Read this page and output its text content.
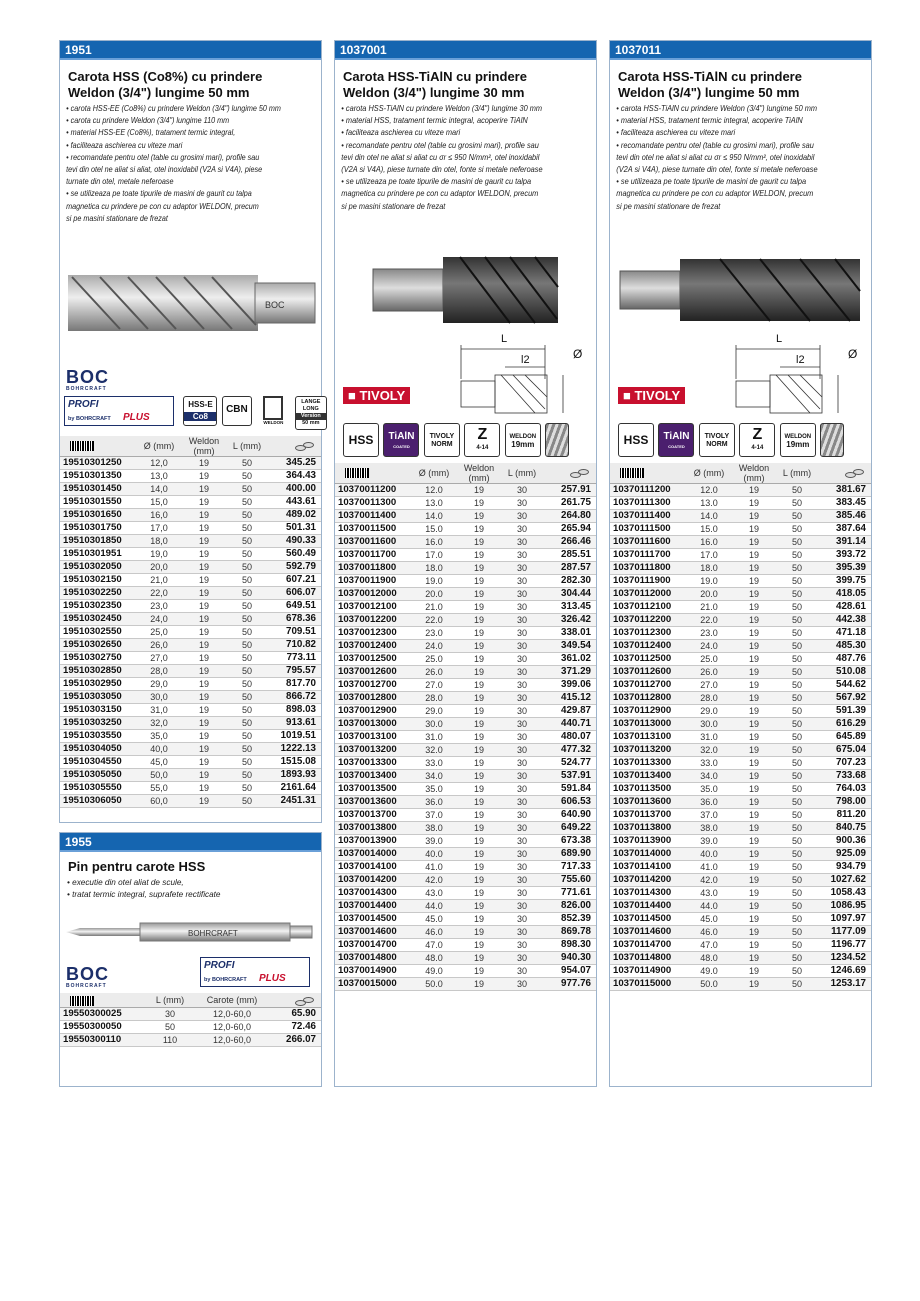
1951
Carota HSS (Co8%) cu prindere
Weldon (3/4") lungime 50 mm
• carota HSS-EE (Co8%) cu prindere Weldon (3/4") lungime 50 mm
• carota cu prindere Weldon (3/4") lungime 110 mm
• material HSS-EE (Co8%), tratament termic integral,
• faciliteaza aschierea cu viteze mari
• recomandate pentru otel (table cu grosimi mari), profile sau
tevi din otel ne aliat si aliat, otel inoxidabil (V2A si V4A), piese
turnate din otel, metale neferoase
• se utilizeaza pe toate tipurile de masini de gaurit cu talpa
magnetica cu prindere pe con cu adaptor WELDON, precum
si pe masini stationare de frezat
BOC
BOC
BOHRCRAFT
PROFI
by BOHRCRAFT PLUS

HSS-E
Co8
CBN
WELDON

LANGE
LONG
Version
50 mm
	Ø (mm)	Weldon (mm)	L (mm)	

19510301250	12,0	19	50	345.25
19510301350	13,0	19	50	364.43
19510301450	14,0	19	50	400.00
19510301550	15,0	19	50	443.61
19510301650	16,0	19	50	489.02
19510301750	17,0	19	50	501.31
19510301850	18,0	19	50	490.33
19510301951	19,0	19	50	560.49
19510302050	20,0	19	50	592.79
19510302150	21,0	19	50	607.21
19510302250	22,0	19	50	606.07
19510302350	23,0	19	50	649.51
19510302450	24,0	19	50	678.36
19510302550	25,0	19	50	709.51
19510302650	26,0	19	50	710.82
19510302750	27,0	19	50	773.11
19510302850	28,0	19	50	795.57
19510302950	29,0	19	50	817.70
19510303050	30,0	19	50	866.72
19510303150	31,0	19	50	898.03
19510303250	32,0	19	50	913.61
19510303550	35,0	19	50	1019.51
19510304050	40,0	19	50	1222.13
19510304550	45,0	19	50	1515.08
19510305050	50,0	19	50	1893.93
19510305550	55,0	19	50	2161.64
19510306050	60,0	19	50	2451.31
1955
Pin pentru carote HSS
• executie din otel aliat de scule,
• tratat termic integral, suprafete rectificate
BOHRCRAFT
BOC
BOHRCRAFT
PROFI
by BOHRCRAFT PLUS
	L (mm)	Carote (mm)	

19550300025	30	12,0-60,0	65.90
19550300050	50	12,0-60,0	72.46
19550300110	110	12,0-60,0	266.07
1037001
Carota HSS-TiAlN cu prindere
Weldon (3/4") lungime 30 mm
• carota HSS-TiAlN cu prindere Weldon (3/4") lungime 30 mm
• material HSS, tratament termic integral, acoperire TiAlN
• faciliteaza aschierea cu viteze mari
• recomandate pentru otel (table cu grosimi mari), profile sau
tevi din otel ne aliat si aliat cu σr ≤ 950 N/mm², otel inoxidabil
(V2A si V4A), piese turnate din otel, fonte si metale neferoase
• se utilizeaza pe toate tipurile de masini de gaurit cu talpa
magnetica cu prindere pe con cu adaptor WELDON, precum
si pe masini stationare de frezat
L
l2	Ø
■ TIVOLY
HSS	TiAlN
COATED

TIVOLY
NORM

Z
4-14

WELDON
19mm

	Ø (mm)	Weldon (mm)	L (mm)	

10370011200	12.0	19	30	257.91
10370011300	13.0	19	30	261.75
10370011400	14.0	19	30	264.80
10370011500	15.0	19	30	265.94
10370011600	16.0	19	30	266.46
10370011700	17.0	19	30	285.51
10370011800	18.0	19	30	287.57
10370011900	19.0	19	30	282.30
10370012000	20.0	19	30	304.44
10370012100	21.0	19	30	313.45
10370012200	22.0	19	30	326.42
10370012300	23.0	19	30	338.01
10370012400	24.0	19	30	349.54
10370012500	25.0	19	30	361.02
10370012600	26.0	19	30	371.29
10370012700	27.0	19	30	399.06
10370012800	28.0	19	30	415.12
10370012900	29.0	19	30	429.87
10370013000	30.0	19	30	440.71
10370013100	31.0	19	30	480.07
10370013200	32.0	19	30	477.32
10370013300	33.0	19	30	524.77
10370013400	34.0	19	30	537.91
10370013500	35.0	19	30	591.84
10370013600	36.0	19	30	606.53
10370013700	37.0	19	30	640.90
10370013800	38.0	19	30	649.22
10370013900	39.0	19	30	673.38
10370014000	40.0	19	30	689.90
10370014100	41.0	19	30	717.33
10370014200	42.0	19	30	755.60
10370014300	43.0	19	30	771.61
10370014400	44.0	19	30	826.00
10370014500	45.0	19	30	852.39
10370014600	46.0	19	30	869.78
10370014700	47.0	19	30	898.30
10370014800	48.0	19	30	940.30
10370014900	49.0	19	30	954.07
10370015000	50.0	19	30	977.76
1037011
Carota HSS-TiAlN cu prindere
Weldon (3/4") lungime 50 mm
• carota HSS-TiAlN cu prindere Weldon (3/4") lungime 50 mm
• material HSS, tratament termic integral, acoperire TiAlN
• faciliteaza aschierea cu viteze mari
• recomandate pentru otel (table cu grosimi mari), profile sau
tevi din otel ne aliat si aliat cu σr ≤ 950 N/mm², otel inoxidabil
(V2A si V4A), piese turnate din otel, fonte si metale neferoase
• se utilizeaza pe toate tipurile de masini de gaurit cu talpa
magnetica cu prindere pe con cu adaptor WELDON, precum
si pe masini stationare de frezat
L
l2	Ø
■ TIVOLY
HSS	TiAlN
COATED

TIVOLY
NORM

Z
4-14

WELDON
19mm

	Ø (mm)	Weldon (mm)	L (mm)	

10370111200	12.0	19	50	381.67
10370111300	13.0	19	50	383.45
10370111400	14.0	19	50	385.46
10370111500	15.0	19	50	387.64
10370111600	16.0	19	50	391.14
10370111700	17.0	19	50	393.72
10370111800	18.0	19	50	395.39
10370111900	19.0	19	50	399.75
10370112000	20.0	19	50	418.05
10370112100	21.0	19	50	428.61
10370112200	22.0	19	50	442.38
10370112300	23.0	19	50	471.18
10370112400	24.0	19	50	485.30
10370112500	25.0	19	50	487.76
10370112600	26.0	19	50	510.08
10370112700	27.0	19	50	544.62
10370112800	28.0	19	50	567.92
10370112900	29.0	19	50	591.39
10370113000	30.0	19	50	616.29
10370113100	31.0	19	50	645.89
10370113200	32.0	19	50	675.04
10370113300	33.0	19	50	707.23
10370113400	34.0	19	50	733.68
10370113500	35.0	19	50	764.03
10370113600	36.0	19	50	798.00
10370113700	37.0	19	50	811.20
10370113800	38.0	19	50	840.75
10370113900	39.0	19	50	900.36
10370114000	40.0	19	50	925.09
10370114100	41.0	19	50	934.79
10370114200	42.0	19	50	1027.62
10370114300	43.0	19	50	1058.43
10370114400	44.0	19	50	1086.95
10370114500	45.0	19	50	1097.97
10370114600	46.0	19	50	1177.09
10370114700	47.0	19	50	1196.77
10370114800	48.0	19	50	1234.52
10370114900	49.0	19	50	1246.69
10370115000	50.0	19	50	1253.17
